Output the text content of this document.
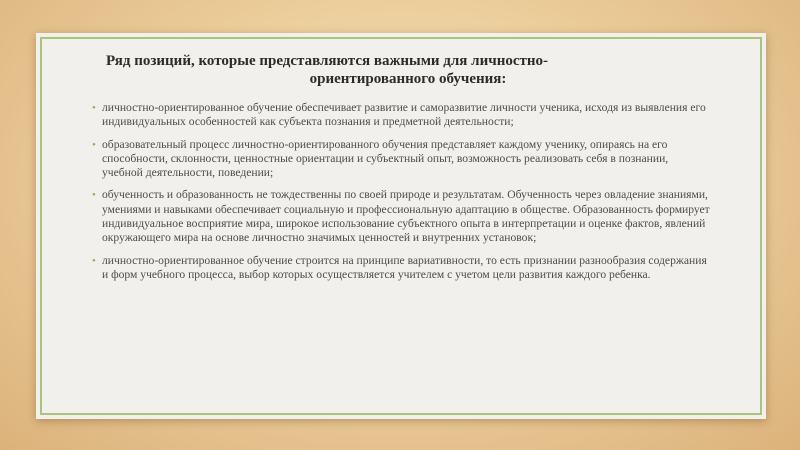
Ряд позиций, которые представляются важными для личностно-
ориентированного обучения:
• личностно-ориентированное обучение обеспечивает развитие и саморазвитие личности ученика, исходя из выявления его индивидуальных особенностей как субъекта познания и предметной деятельности;
• образовательный процесс личностно-ориентированного обучения представляет каждому ученику, опираясь на его способности, склонности, ценностные ориентации и субъектный опыт, возможность реализовать себя в познании, учебной деятельности, поведении;
• обученность и образованность не тождественны по своей природе и результатам. Обученность через овладение знаниями, умениями и навыками обеспечивает социальную и профессиональную адаптацию в обществе. Образованность формирует индивидуальное восприятие мира, широкое использование субъектного опыта в интерпретации и оценке фактов, явлений окружающего мира на основе личностно значимых ценностей и внутренних установок;
• личностно-ориентированное обучение строится на принципе вариативности, то есть признании разнообразия содержания и форм учебного процесса, выбор которых осуществляется учителем с учетом цели развития каждого ребенка.
